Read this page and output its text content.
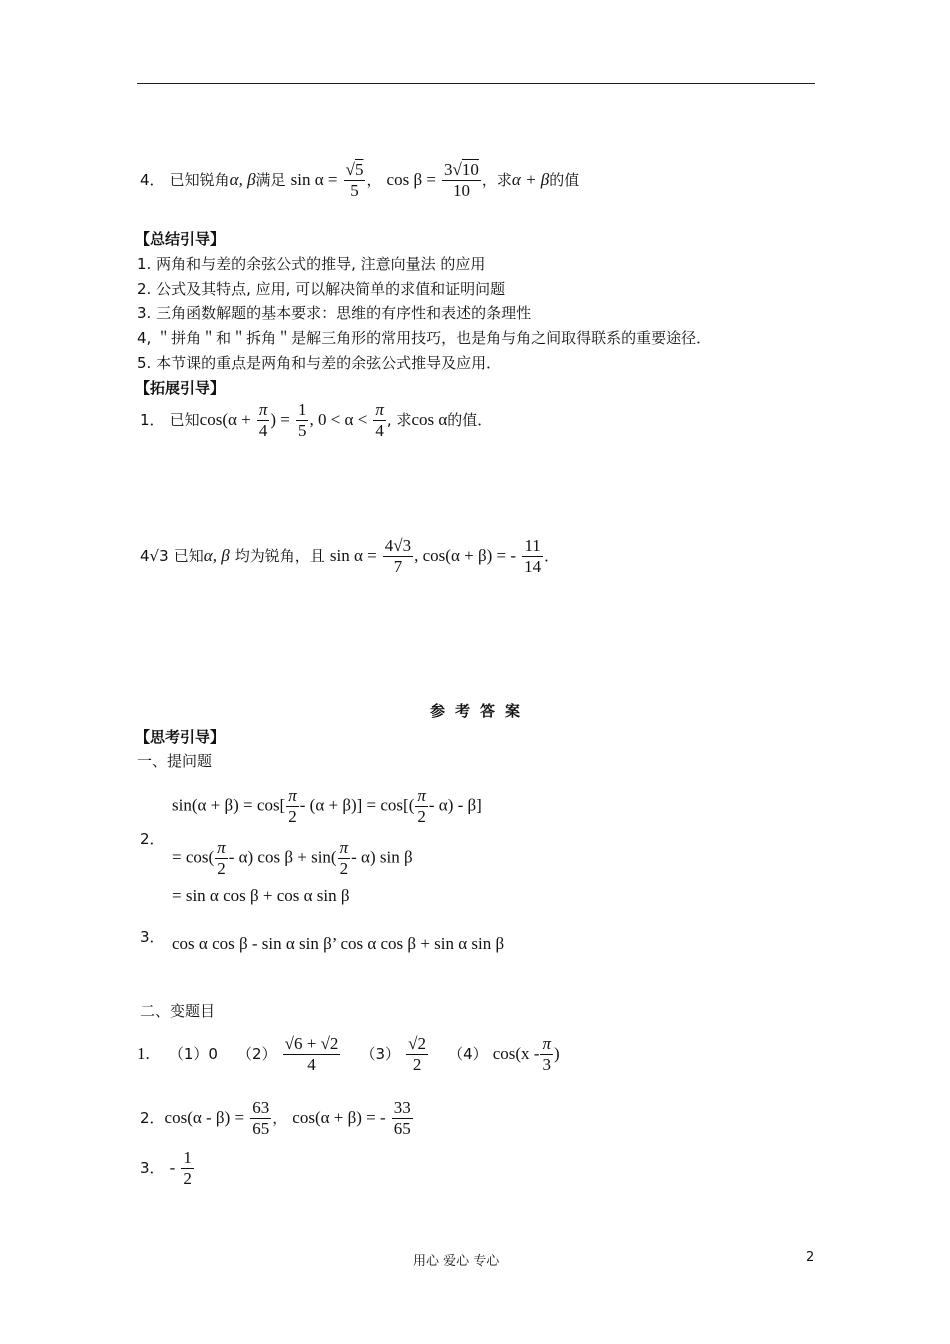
4． 已知锐角α, β满足 $\sin \alpha = \frac{√5}{5}$ ， $\cos \beta = \frac{3√10}{10}$ ，求α + β的值
【总结引导】
1. 两角和与差的余弦公式的推导, 注意向量法 的应用
2. 公式及其特点, 应用, 可以解决简单的求值和证明问题
3. 三角函数解题的基本要求：思维的有序性和表述的条理性
4, ＂拼角＂和＂拆角＂是解三角形的常用技巧，也是角与角之间取得联系的重要途径．
5. 本节课的重点是两角和与差的余弦公式推导及应用．
【拓展引导】
1． 已知$\cos(\alpha + \frac{\pi}{4}$ ) = $\frac{1}{5}$ , $0 < \alpha < \frac{\pi}{4}$ , 求cos α的值．
4√3 已知α, β 均为锐角，且 $\sin \alpha = \frac{4√3}{7}$ , cos(α + β) = - $\frac{11}{14}$ ．
参考答案
【思考引导】
一、提问题
2．
$\sin(\alpha + \beta) = \cos[ \frac{\pi}{2} - (\alpha + \beta)] = \cos[( \frac{\pi}{2} - \alpha) - \beta]$
= $\cos( \frac{\pi}{2} - \alpha)$ $\cos \beta + \sin( \frac{\pi}{2} - \alpha)$ sin β
= sin α cos β + cos α sin β
3． cos α cos β - sin α sin β’ cos α cos β + sin α sin β
二、变题目
1. （1）0 $(2) \frac{√6 + √2}{4} (3) \frac{√2}{2} (4)$ $\cos(x - \frac{\pi}{3}$ )
2．$\cos(\alpha - \beta) = \frac{63}{65}$ ， cos(α + β) = - $\frac{33}{65}$
3． - $\frac{1}{2}$
用心 爱心 专心	2
